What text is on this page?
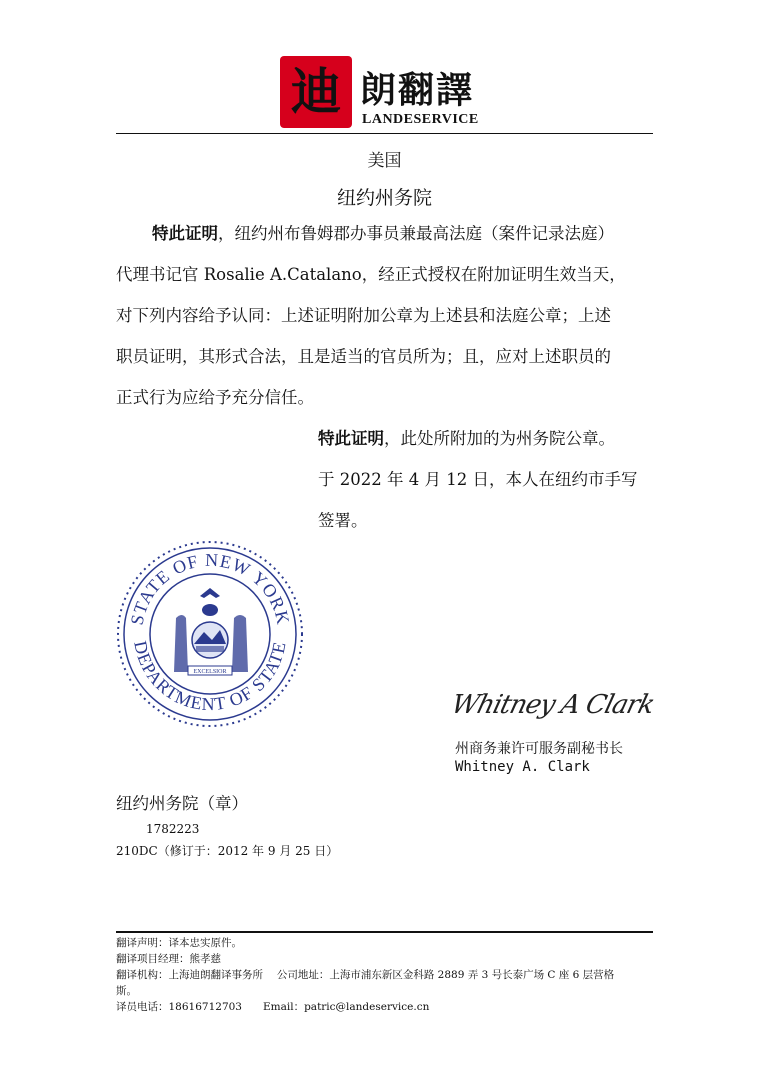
迪 朗翻譯
LANDESERVICE
美国
纽约州务院
特此证明，纽约州布鲁姆郡办事员兼最高法庭（案件记录法庭）
代理书记官 Rosalie A.Catalano，经正式授权在附加证明生效当天，
对下列内容给予认同：上述证明附加公章为上述县和法庭公章；上述
职员证明，其形式合法，且是适当的官员所为；且，应对上述职员的
正式行为应给予充分信任。
特此证明，此处所附加的为州务院公章。
于 2022 年 4 月 12 日，本人在纽约市手写
签署。
STATE OF NEW YORK
DEPARTMENT OF STATE
EXCELSIOR
Whitney A Clark
州商务兼许可服务副秘书长
Whitney A. Clark
纽约州务院（章）
1782223
210DC（修订于：2012 年 9 月 25 日）
翻译声明：译本忠实原件。
翻译项目经理：熊孝慈
翻译机构：上海迪朗翻译事务所　 公司地址：上海市浦东新区金科路 2889 弄 3 号长泰广场 C 座 6 层营格
斯。
译员电话：18616712703　　Email：patric@landeservice.cn
